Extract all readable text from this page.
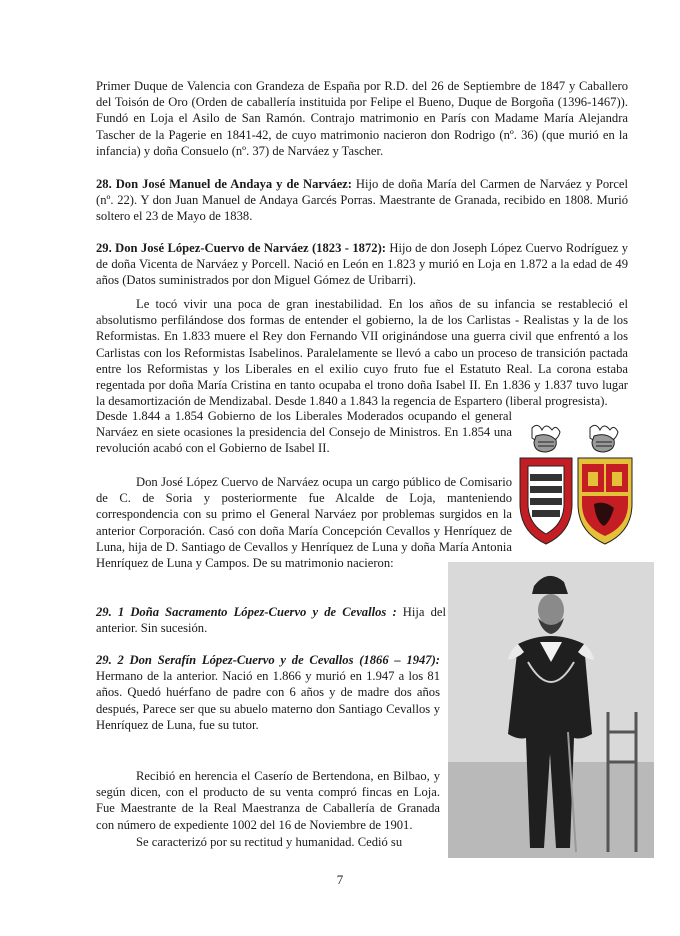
Primer Duque de Valencia con Grandeza de España por R.D. del 26 de Septiembre de 1847 y Caballero del Toisón de Oro (Orden de caballería instituida por Felipe el Bueno, Duque de Borgoña (1396-1467)). Fundó en Loja el Asilo de San Ramón. Contrajo matrimonio en París con Madame María Alejandra Tascher de la Pagerie en 1841-42, de cuyo matrimonio nacieron don Rodrigo (nº. 36) (que murió en la infancia) y doña Consuelo (nº. 37) de Narváez y Tascher.

28. Don José Manuel de Andaya y de Narváez: Hijo de doña María del Carmen de Narváez y Porcel (nº. 22). Y don Juan Manuel de Andaya Garcés Porras. Maestrante de Granada, recibido en 1808. Murió soltero el 23 de Mayo de 1838.

29. Don José López-Cuervo de Narváez (1823 - 1872): Hijo de don Joseph López Cuervo Rodríguez y de doña Vicenta de Narváez y Porcell. Nació en León en 1.823 y murió en Loja en 1.872 a la edad de 49 años (Datos suministrados por don Miguel Gómez de Uribarri).

Le tocó vivir una poca de gran inestabilidad. En los años de su infancia se restableció el absolutismo perfilándose dos formas de entender el gobierno, la de los Carlistas - Realistas y la de los Reformistas. En 1.833 muere el Rey don Fernando VII originándose una guerra civil que enfrentó a los Carlistas con los Reformistas Isabelinos. Paralelamente se llevó a cabo un proceso de transición pactada entre los Reformistas y los Liberales en el exilio cuyo fruto fue el Estatuto Real. La corona estaba regentada por doña María Cristina en tanto ocupaba el trono doña Isabel II. En 1.836 y 1.837 tuvo lugar la desamortización de Mendizabal. Desde 1.840 a 1.843 la regencia de Espartero (liberal progresista).

Desde 1.844 a 1.854 Gobierno de los Liberales Moderados ocupando el general Narváez en siete ocasiones la presidencia del Consejo de Ministros. En 1.854 una revolución acabó con el Gobierno de Isabel II.

Don José López Cuervo de Narváez ocupa un cargo público de Comisario de C. de Soria y posteriormente fue Alcalde de Loja, manteniendo correspondencia con su primo el General Narváez por problemas surgidos en la anterior Corporación. Casó con doña María Concepción Cevallos y Henríquez de Luna, hija de D. Santiago de Cevallos y Henríquez de Luna y doña María Antonia Henríquez de Luna y Campos. De su matrimonio nacieron:

29. 1 Doña Sacramento López-Cuervo y de Cevallos : Hija del anterior. Sin sucesión.

29. 2 Don Serafín López-Cuervo y de Cevallos (1866 – 1947): Hermano de la anterior. Nació en 1.866 y murió en 1.947 a los 81 años. Quedó huérfano de padre con 6 años y de madre dos años después, Parece ser que su abuelo materno don Santiago Cevallos y Henríquez de Luna, fue su tutor.

Recibió en herencia el Caserío de Bertendona, en Bilbao, y según dicen, con el producto de su venta compró fincas en Loja. Fue Maestrante de la Real Maestranza de Caballería de Granada con número de expediente 1002 del 16 de Noviembre de 1901.

Se caracterizó por su rectitud y humanidad. Cedió su

7
